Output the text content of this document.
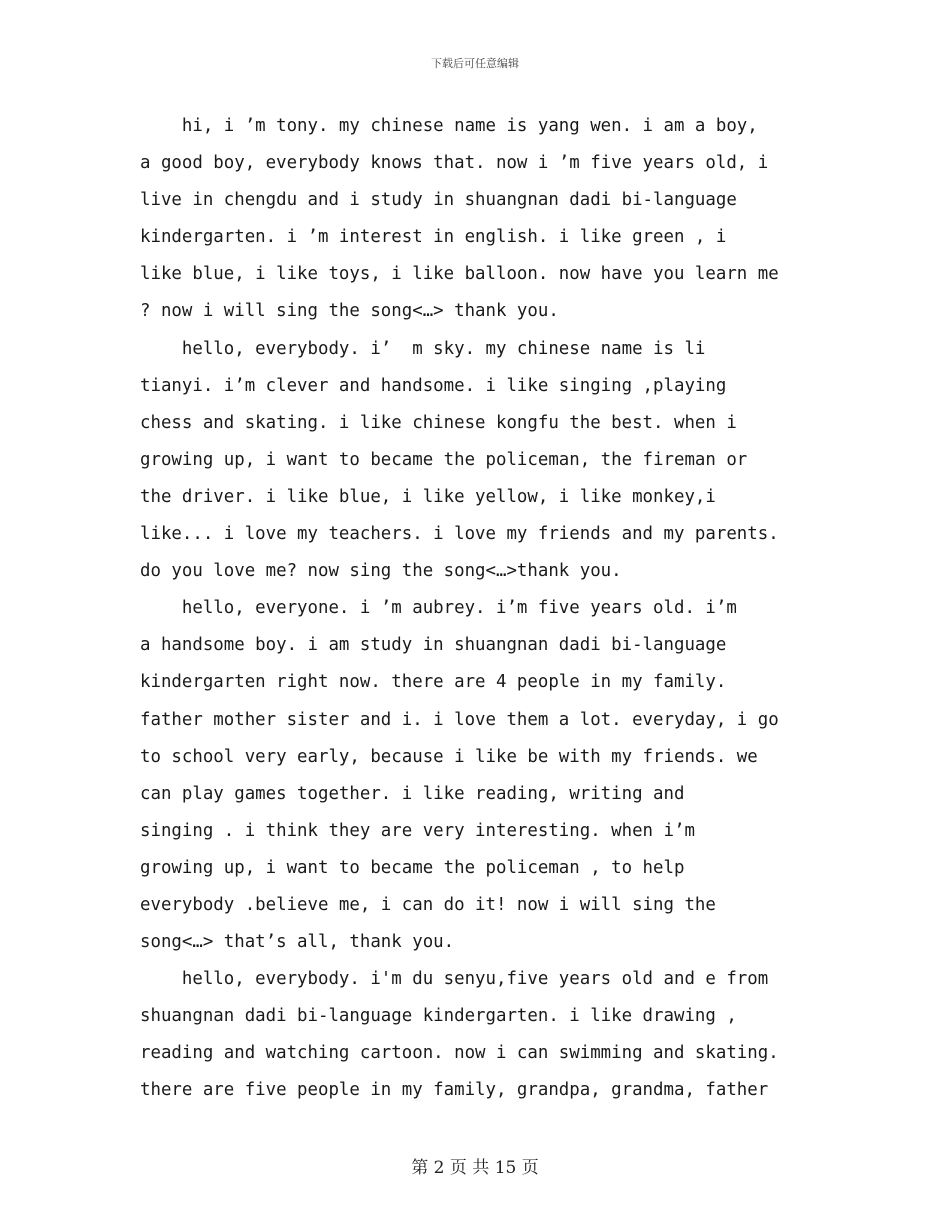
下载后可任意编辑
hi, i ’m tony. my chinese name is yang wen. i am a boy,
a good boy, everybody knows that. now i ’m five years old, i
live in chengdu and i study in shuangnan dadi bi-language
kindergarten. i ’m interest in english. i like green , i
like blue, i like toys, i like balloon. now have you learn me
? now i will sing the song<…> thank you.
hello, everybody. i’  m sky. my chinese name is li
tianyi. i’m clever and handsome. i like singing ,playing
chess and skating. i like chinese kongfu the best. when i
growing up, i want to became the policeman, the fireman or
the driver. i like blue, i like yellow, i like monkey,i
like... i love my teachers. i love my friends and my parents.
do you love me? now sing the song<…>thank you.
hello, everyone. i ’m aubrey. i’m five years old. i’m
a handsome boy. i am study in shuangnan dadi bi-language
kindergarten right now. there are 4 people in my family.
father mother sister and i. i love them a lot. everyday, i go
to school very early, because i like be with my friends. we
can play games together. i like reading, writing and
singing . i think they are very interesting. when i’m
growing up, i want to became the policeman , to help
everybody .believe me, i can do it! now i will sing the
song<…> that’s all, thank you.
hello, everybody. i'm du senyu,five years old and e from
shuangnan dadi bi-language kindergarten. i like drawing ,
reading and watching cartoon. now i can swimming and skating.
there are five people in my family, grandpa, grandma, father
第 2 页 共 15 页
